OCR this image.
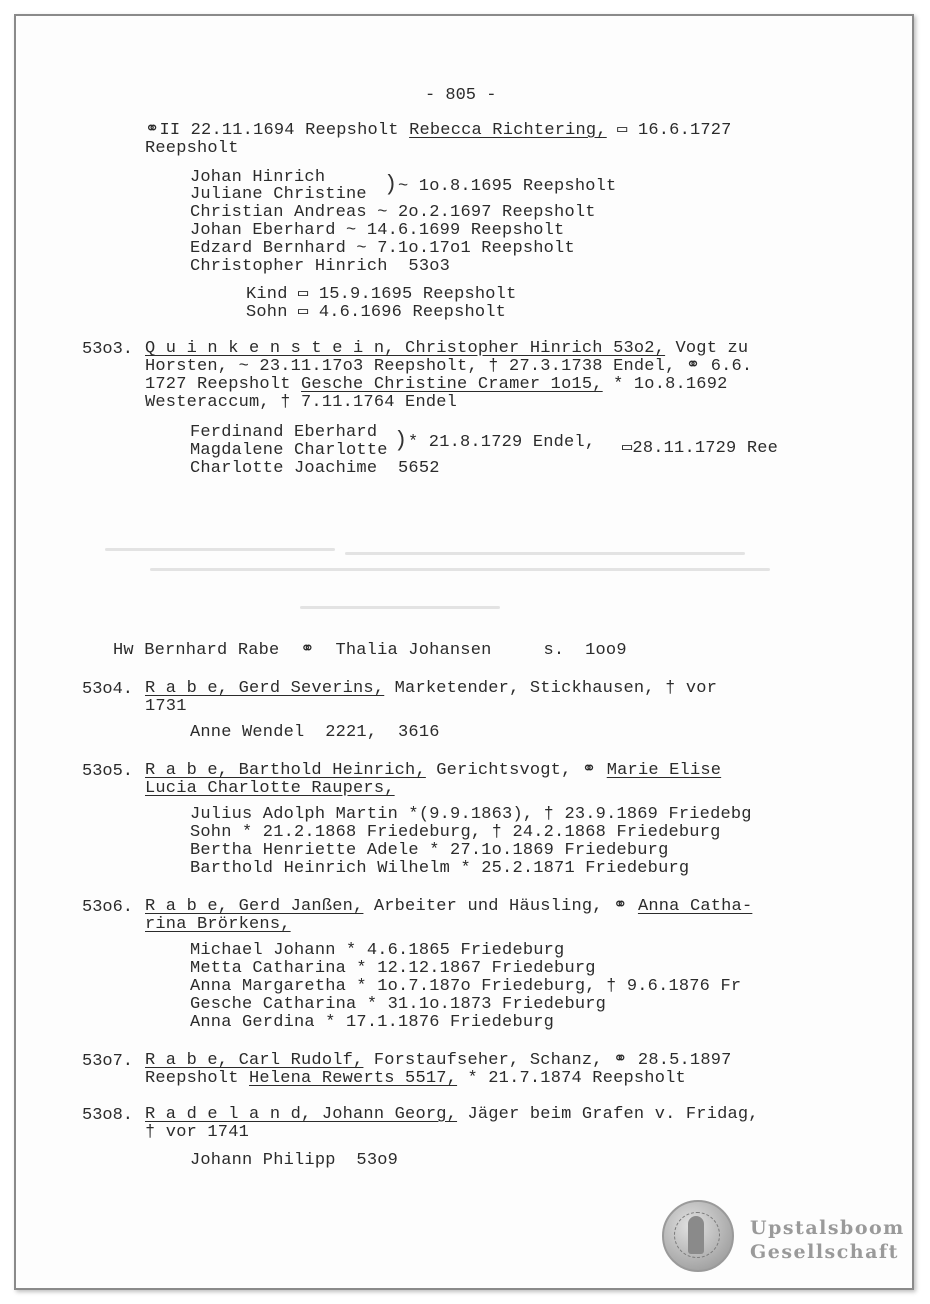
- 805 -
⚭II 22.11.1694 Reepsholt Rebecca Richtering, ▭ 16.6.1727
Reepsholt
Johan Hinrich
Juliane Christine ) ~ 1o.8.1695 Reepsholt
Christian Andreas ~ 2o.2.1697 Reepsholt
Johan Eberhard ~ 14.6.1699 Reepsholt
Edzard Bernhard ~ 7.1o.17o1 Reepsholt
Christopher Hinrich  53o3
Kind ▭ 15.9.1695 Reepsholt
Sohn ▭ 4.6.1696 Reepsholt
53o3. Q u i n k e n s t e i n, Christopher Hinrich 53o2, Vogt zu
Horsten, ~ 23.11.17o3 Reepsholt, † 27.3.1738 Endel, ⚭ 6.6.
1727 Reepsholt Gesche Christine Cramer 1o15, * 1o.8.1692
Westeraccum, † 7.11.1764 Endel
Ferdinand Eberhard
Magdalene Charlotte ) * 21.8.1729 Endel, ▭28.11.1729 Ree
Charlotte Joachime  5652
Hw Bernhard Rabe  ⚭  Thalia Johansen     s.  1oo9
53o4. R a b e, Gerd Severins, Marketender, Stickhausen, † vor
1731
Anne Wendel  2221,  3616
53o5. R a b e, Barthold Heinrich, Gerichtsvogt, ⚭ Marie Elise
Lucia Charlotte Raupers,
Julius Adolph Martin *(9.9.1863), † 23.9.1869 Friedebg
Sohn * 21.2.1868 Friedeburg, † 24.2.1868 Friedeburg
Bertha Henriette Adele * 27.1o.1869 Friedeburg
Barthold Heinrich Wilhelm * 25.2.1871 Friedeburg
53o6. R a b e, Gerd Janßen, Arbeiter und Häusling, ⚭ Anna Catha-
rina Brörkens,
Michael Johann * 4.6.1865 Friedeburg
Metta Catharina * 12.12.1867 Friedeburg
Anna Margaretha * 1o.7.187o Friedeburg, † 9.6.1876 Fr
Gesche Catharina * 31.1o.1873 Friedeburg
Anna Gerdina * 17.1.1876 Friedeburg
53o7. R a b e, Carl Rudolf, Forstaufseher, Schanz, ⚭ 28.5.1897
Reepsholt Helena Rewerts 5517, * 21.7.1874 Reepsholt
53o8. R a d e l a n d, Johann Georg, Jäger beim Grafen v. Fridag,
† vor 1741
Johann Philipp  53o9
Upstalsboom
Gesellschaft
